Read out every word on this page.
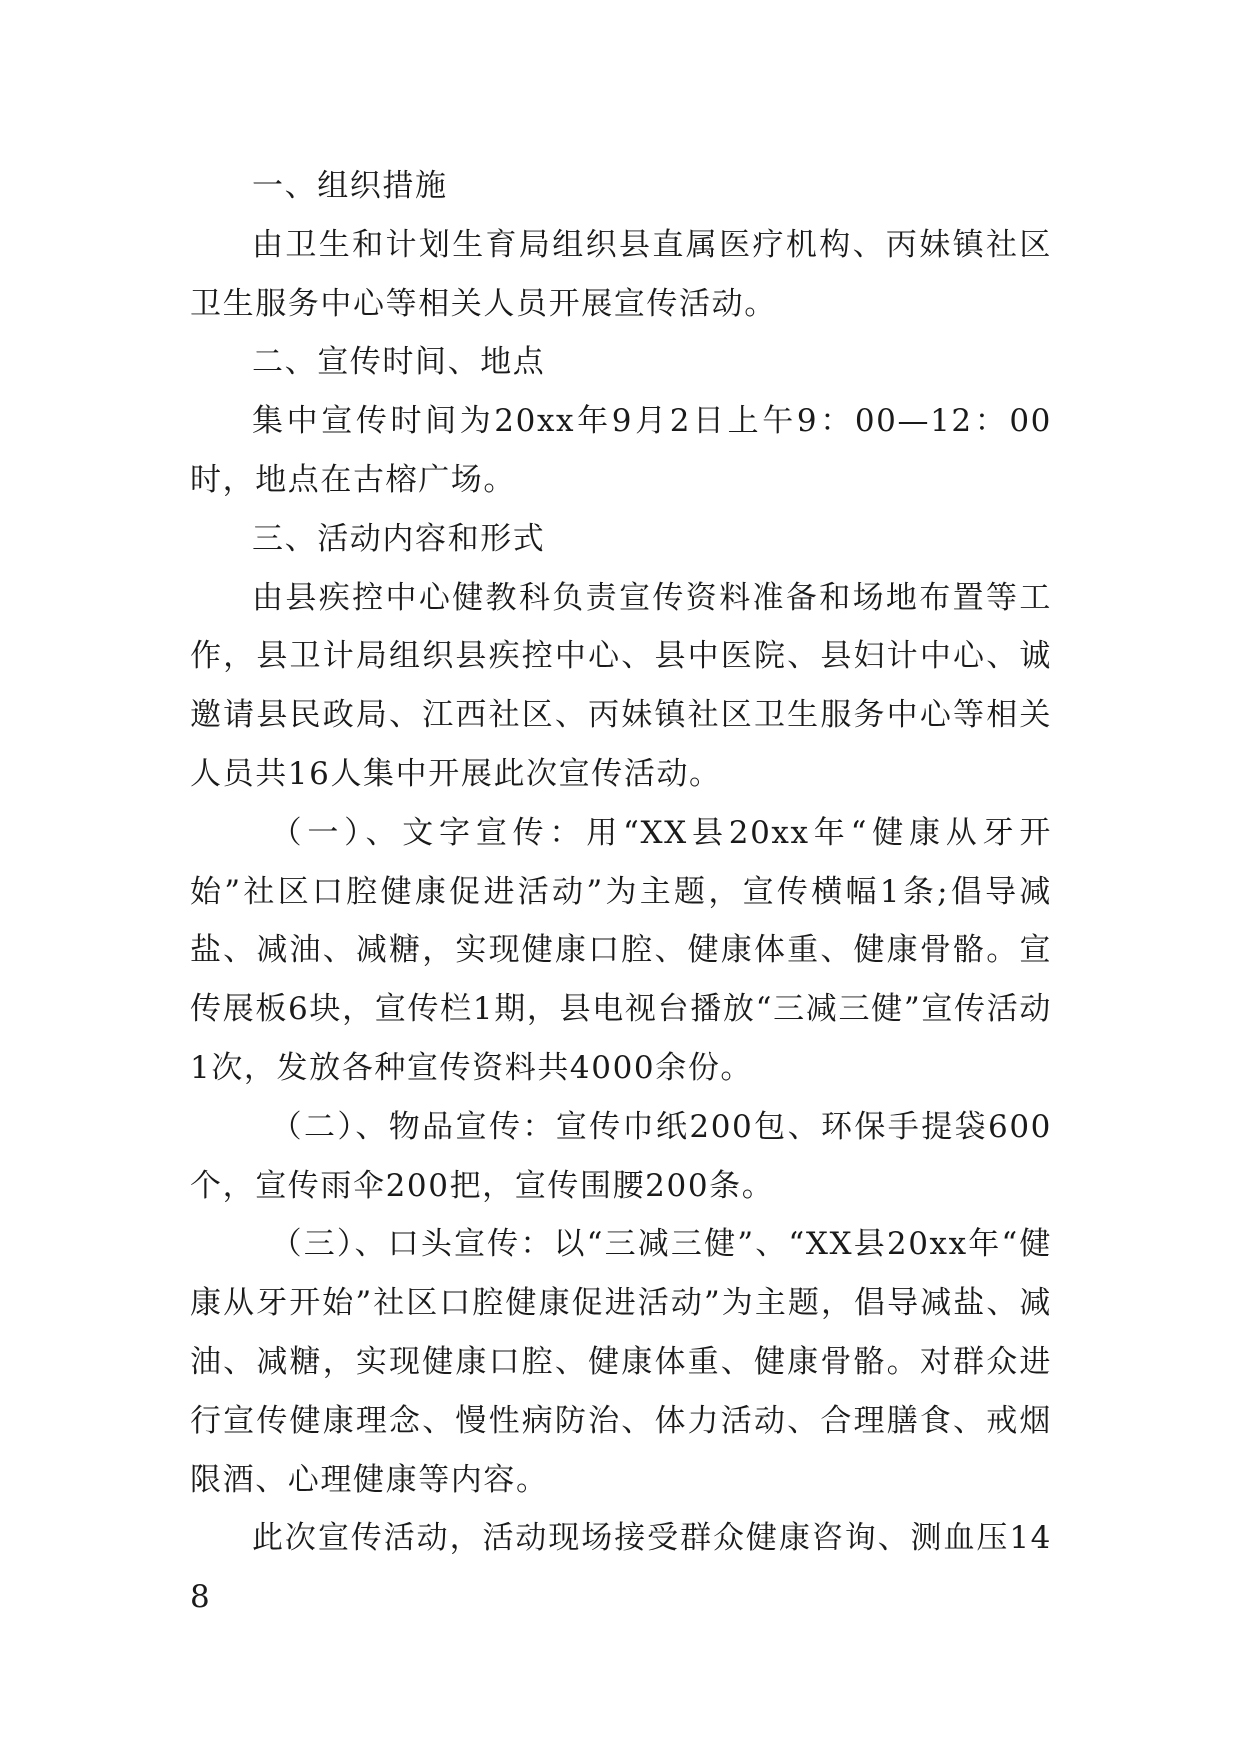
一、组织措施

由卫生和计划生育局组织县直属医疗机构、丙妹镇社区卫生服务中心等相关人员开展宣传活动。

二、宣传时间、地点

集中宣传时间为20xx年9月2日上午9：00—12：00时，地点在古榕广场。

三、活动内容和形式

由县疾控中心健教科负责宣传资料准备和场地布置等工作，县卫计局组织县疾控中心、县中医院、县妇计中心、诚邀请县民政局、江西社区、丙妹镇社区卫生服务中心等相关人员共16人集中开展此次宣传活动。

（一）、文字宣传：用“XX县20xx年“健康从牙开始”社区口腔健康促进活动”为主题，宣传横幅1条;倡导减盐、减油、减糖，实现健康口腔、健康体重、健康骨骼。宣传展板6块，宣传栏1期，县电视台播放“三减三健”宣传活动1次，发放各种宣传资料共4000余份。

（二）、物品宣传：宣传巾纸200包、环保手提袋600个，宣传雨伞200把，宣传围腰200条。

（三）、口头宣传：以“三减三健”、“XX县20xx年“健康从牙开始”社区口腔健康促进活动”为主题，倡导减盐、减油、减糖，实现健康口腔、健康体重、健康骨骼。对群众进行宣传健康理念、慢性病防治、体力活动、合理膳食、戒烟限酒、心理健康等内容。

此次宣传活动，活动现场接受群众健康咨询、测血压148
